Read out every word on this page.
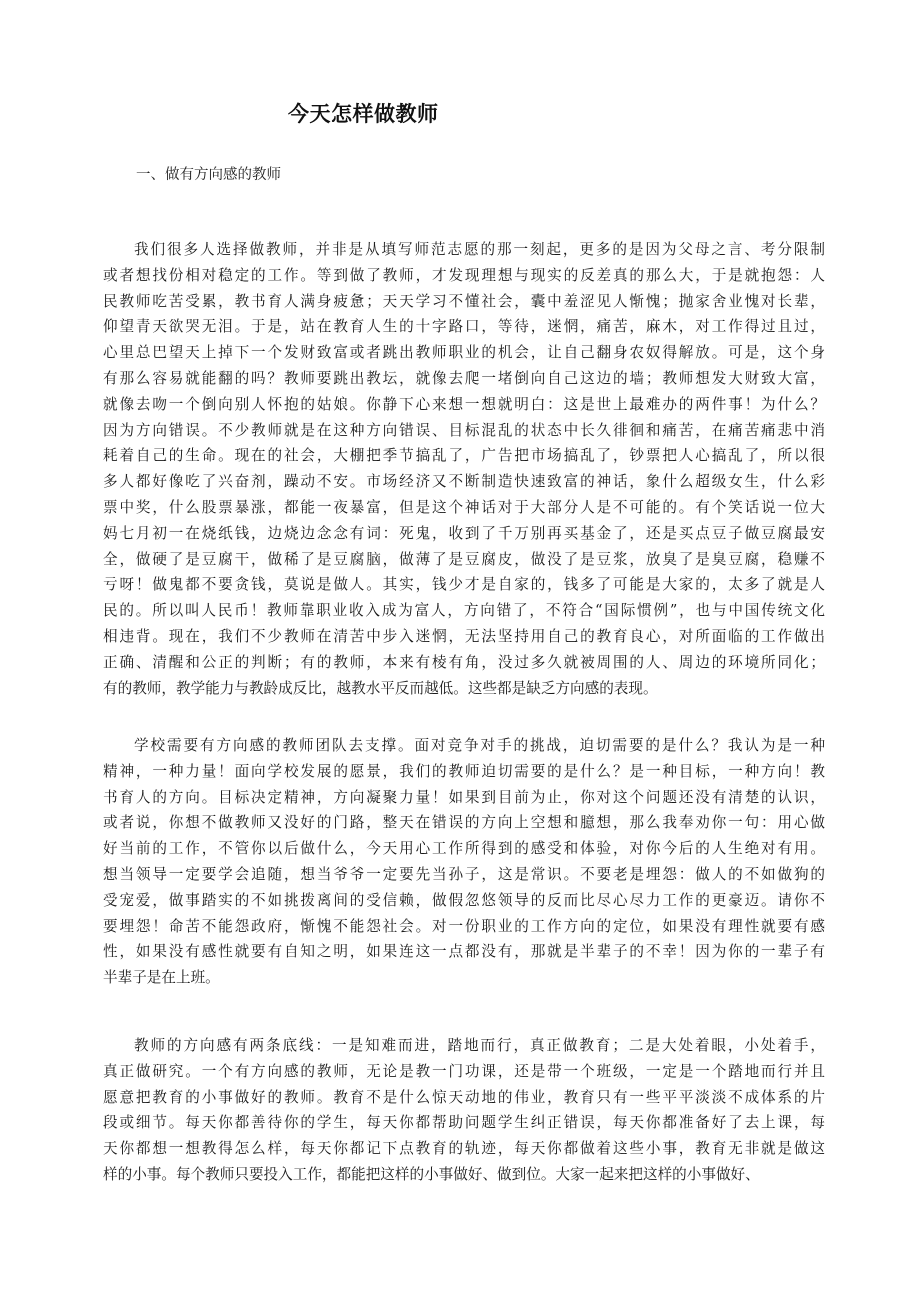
今天怎样做教师
一、做有方向感的教师
我们很多人选择做教师，并非是从填写师范志愿的那一刻起，更多的是因为父母之言、考分限制
或者想找份相对稳定的工作。等到做了教师，才发现理想与现实的反差真的那么大，于是就抱怨：人
民教师吃苦受累，教书育人满身疲惫；天天学习不懂社会，囊中羞涩见人惭愧；抛家舍业愧对长辈，
仰望青天欲哭无泪。于是，站在教育人生的十字路口，等待，迷惘，痛苦，麻木，对工作得过且过，
心里总巴望天上掉下一个发财致富或者跳出教师职业的机会，让自己翻身农奴得解放。可是，这个身
有那么容易就能翻的吗？教师要跳出教坛，就像去爬一堵倒向自己这边的墙；教师想发大财致大富，
就像去吻一个倒向别人怀抱的姑娘。你静下心来想一想就明白：这是世上最难办的两件事！为什么？
因为方向错误。不少教师就是在这种方向错误、目标混乱的状态中长久徘徊和痛苦，在痛苦痛悲中消
耗着自己的生命。现在的社会，大棚把季节搞乱了，广告把市场搞乱了，钞票把人心搞乱了，所以很
多人都好像吃了兴奋剂，躁动不安。市场经济又不断制造快速致富的神话，象什么超级女生，什么彩
票中奖，什么股票暴涨，都能一夜暴富，但是这个神话对于大部分人是不可能的。有个笑话说一位大
妈七月初一在烧纸钱，边烧边念念有词：死鬼，收到了千万别再买基金了，还是买点豆子做豆腐最安
全，做硬了是豆腐干，做稀了是豆腐脑，做薄了是豆腐皮，做没了是豆浆，放臭了是臭豆腐，稳赚不
亏呀！做鬼都不要贪钱，莫说是做人。其实，钱少才是自家的，钱多了可能是大家的，太多了就是人
民的。所以叫人民币！教师靠职业收入成为富人，方向错了，不符合“国际惯例”，也与中国传统文化
相违背。现在，我们不少教师在清苦中步入迷惘，无法坚持用自己的教育良心，对所面临的工作做出
正确、清醒和公正的判断；有的教师，本来有棱有角，没过多久就被周围的人、周边的环境所同化；
有的教师，教学能力与教龄成反比，越教水平反而越低。这些都是缺乏方向感的表现。
学校需要有方向感的教师团队去支撑。面对竞争对手的挑战，迫切需要的是什么？我认为是一种
精神，一种力量！面向学校发展的愿景，我们的教师迫切需要的是什么？是一种目标，一种方向！教
书育人的方向。目标决定精神，方向凝聚力量！如果到目前为止，你对这个问题还没有清楚的认识，
或者说，你想不做教师又没好的门路，整天在错误的方向上空想和臆想，那么我奉劝你一句：用心做
好当前的工作，不管你以后做什么，今天用心工作所得到的感受和体验，对你今后的人生绝对有用。
想当领导一定要学会追随，想当爷爷一定要先当孙子，这是常识。不要老是埋怨：做人的不如做狗的
受宠爱，做事踏实的不如挑拨离间的受信赖，做假忽悠领导的反而比尽心尽力工作的更豪迈。请你不
要埋怨！命苦不能怨政府，惭愧不能怨社会。对一份职业的工作方向的定位，如果没有理性就要有感
性，如果没有感性就要有自知之明，如果连这一点都没有，那就是半辈子的不幸！因为你的一辈子有
半辈子是在上班。
教师的方向感有两条底线：一是知难而进，踏地而行，真正做教育；二是大处着眼，小处着手，
真正做研究。一个有方向感的教师，无论是教一门功课，还是带一个班级，一定是一个踏地而行并且
愿意把教育的小事做好的教师。教育不是什么惊天动地的伟业，教育只有一些平平淡淡不成体系的片
段或细节。每天你都善待你的学生，每天你都帮助问题学生纠正错误，每天你都准备好了去上课，每
天你都想一想教得怎么样，每天你都记下点教育的轨迹，每天你都做着这些小事，教育无非就是做这
样的小事。每个教师只要投入工作，都能把这样的小事做好、做到位。大家一起来把这样的小事做好、
